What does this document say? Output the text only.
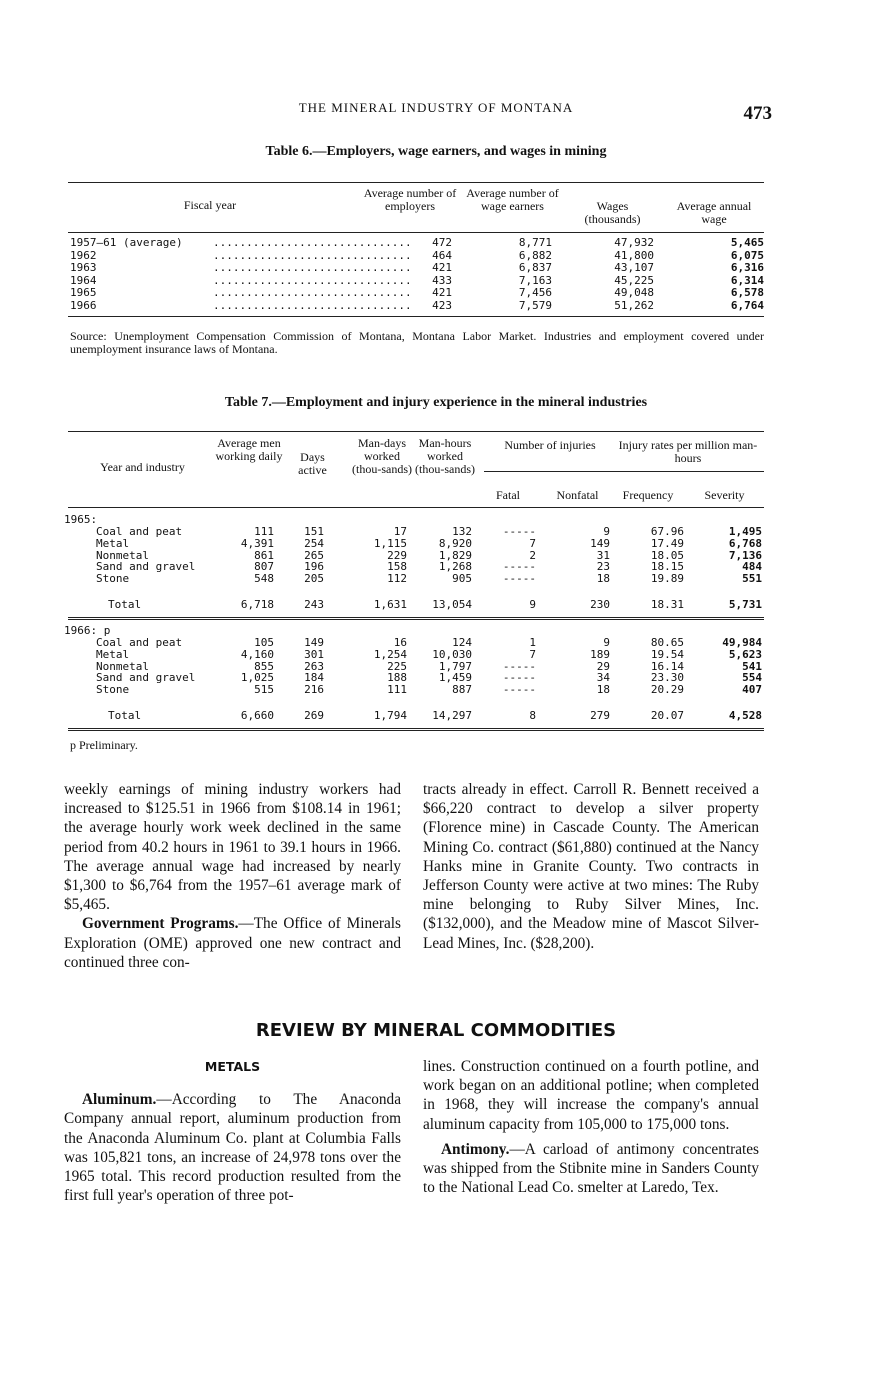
THE MINERAL INDUSTRY OF MONTANA	473
Table 6.—Employers, wage earners, and wages in mining
Fiscal year
Average number of employers
Average number of wage earners	Wages (thousands)
Average annual wage
1957–61 (average)	..............................	472	8,771	47,932	5,465
1962	..............................	464	6,882	41,800	6,075
1963	..............................	421	6,837	43,107	6,316
1964	..............................	433	7,163	45,225	6,314
1965	..............................	421	7,456	49,048	6,578
1966	..............................	423	7,579	51,262	6,764
Source: Unemployment Compensation Commission of Montana, Montana Labor Market. Industries and employment covered under unemployment insurance laws of Montana.
Table 7.—Employment and injury experience in the mineral industries
Year and industry
Average men working daily	Days active
Man-days worked (thou-sands)
Man-hours worked (thou-sands)
Number of injuries	Injury rates per million man-hours
Fatal	Nonfatal	Frequency	Severity
1965:
Coal and peat	111	151	17	132	-----	9	67.96	1,495
Metal	4,391	254	1,115	8,920	7	149	17.49	6,768
Nonmetal	861	265	229	1,829	2	31	18.05	7,136
Sand and gravel	807	196	158	1,268	-----	23	18.15	484
Stone	548	205	112	905	-----	18	19.89	551
Total	6,718	243	1,631	13,054	9	230	18.31	5,731
1966: p
Coal and peat	105	149	16	124	1	9	80.65	49,984
Metal	4,160	301	1,254	10,030	7	189	19.54	5,623
Nonmetal	855	263	225	1,797	-----	29	16.14	541
Sand and gravel	1,025	184	188	1,459	-----	34	23.30	554
Stone	515	216	111	887	-----	18	20.29	407
Total	6,660	269	1,794	14,297	8	279	20.07	4,528
p Preliminary.

weekly earnings of mining industry workers had increased to $125.51 in 1966 from $108.14 in 1961; the average hourly work week declined in the same period from 40.2 hours in 1961 to 39.1 hours in 1966. The average annual wage had increased by nearly $1,300 to $6,764 from the 1957–61 average mark of $5,465.

Government Programs.—The Office of Minerals Exploration (OME) approved one new contract and continued three con-

tracts already in effect. Carroll R. Bennett received a $66,220 contract to develop a silver property (Florence mine) in Cascade County. The American Mining Co. contract ($61,880) continued at the Nancy Hanks mine in Granite County. Two contracts in Jefferson County were active at two mines: The Ruby mine belonging to Ruby Silver Mines, Inc. ($132,000), and the Meadow mine of Mascot Silver-Lead Mines, Inc. ($28,200).

REVIEW BY MINERAL COMMODITIES
METALS

Aluminum.—According to The Anaconda Company annual report, aluminum production from the Anaconda Aluminum Co. plant at Columbia Falls was 105,821 tons, an increase of 24,978 tons over the 1965 total. This record production resulted from the first full year's operation of three pot-

lines. Construction continued on a fourth potline, and work began on an additional potline; when completed in 1968, they will increase the company's annual aluminum capacity from 105,000 to 175,000 tons.

Antimony.—A carload of antimony concentrates was shipped from the Stibnite mine in Sanders County to the National Lead Co. smelter at Laredo, Tex.
